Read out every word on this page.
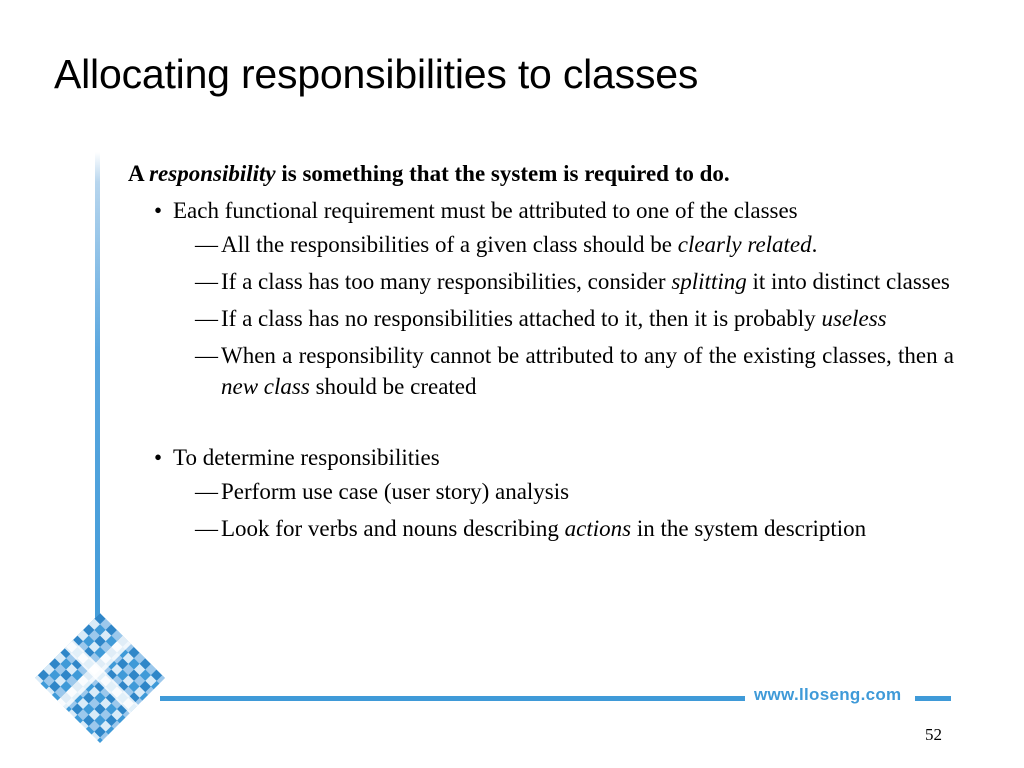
Allocating responsibilities to classes
www.lloseng.com
52

A responsibility is something that the system is required to do.

• Each functional requirement must be attributed to one of the classes

— All the responsibilities of a given class should be clearly related.

— If a class has too many responsibilities, consider splitting it into distinct classes

— If a class has no responsibilities attached to it, then it is probably useless

— When a responsibility cannot be attributed to any of the existing classes, then a new class should be created

• To determine responsibilities

— Perform use case (user story) analysis

— Look for verbs and nouns describing actions in the system description
